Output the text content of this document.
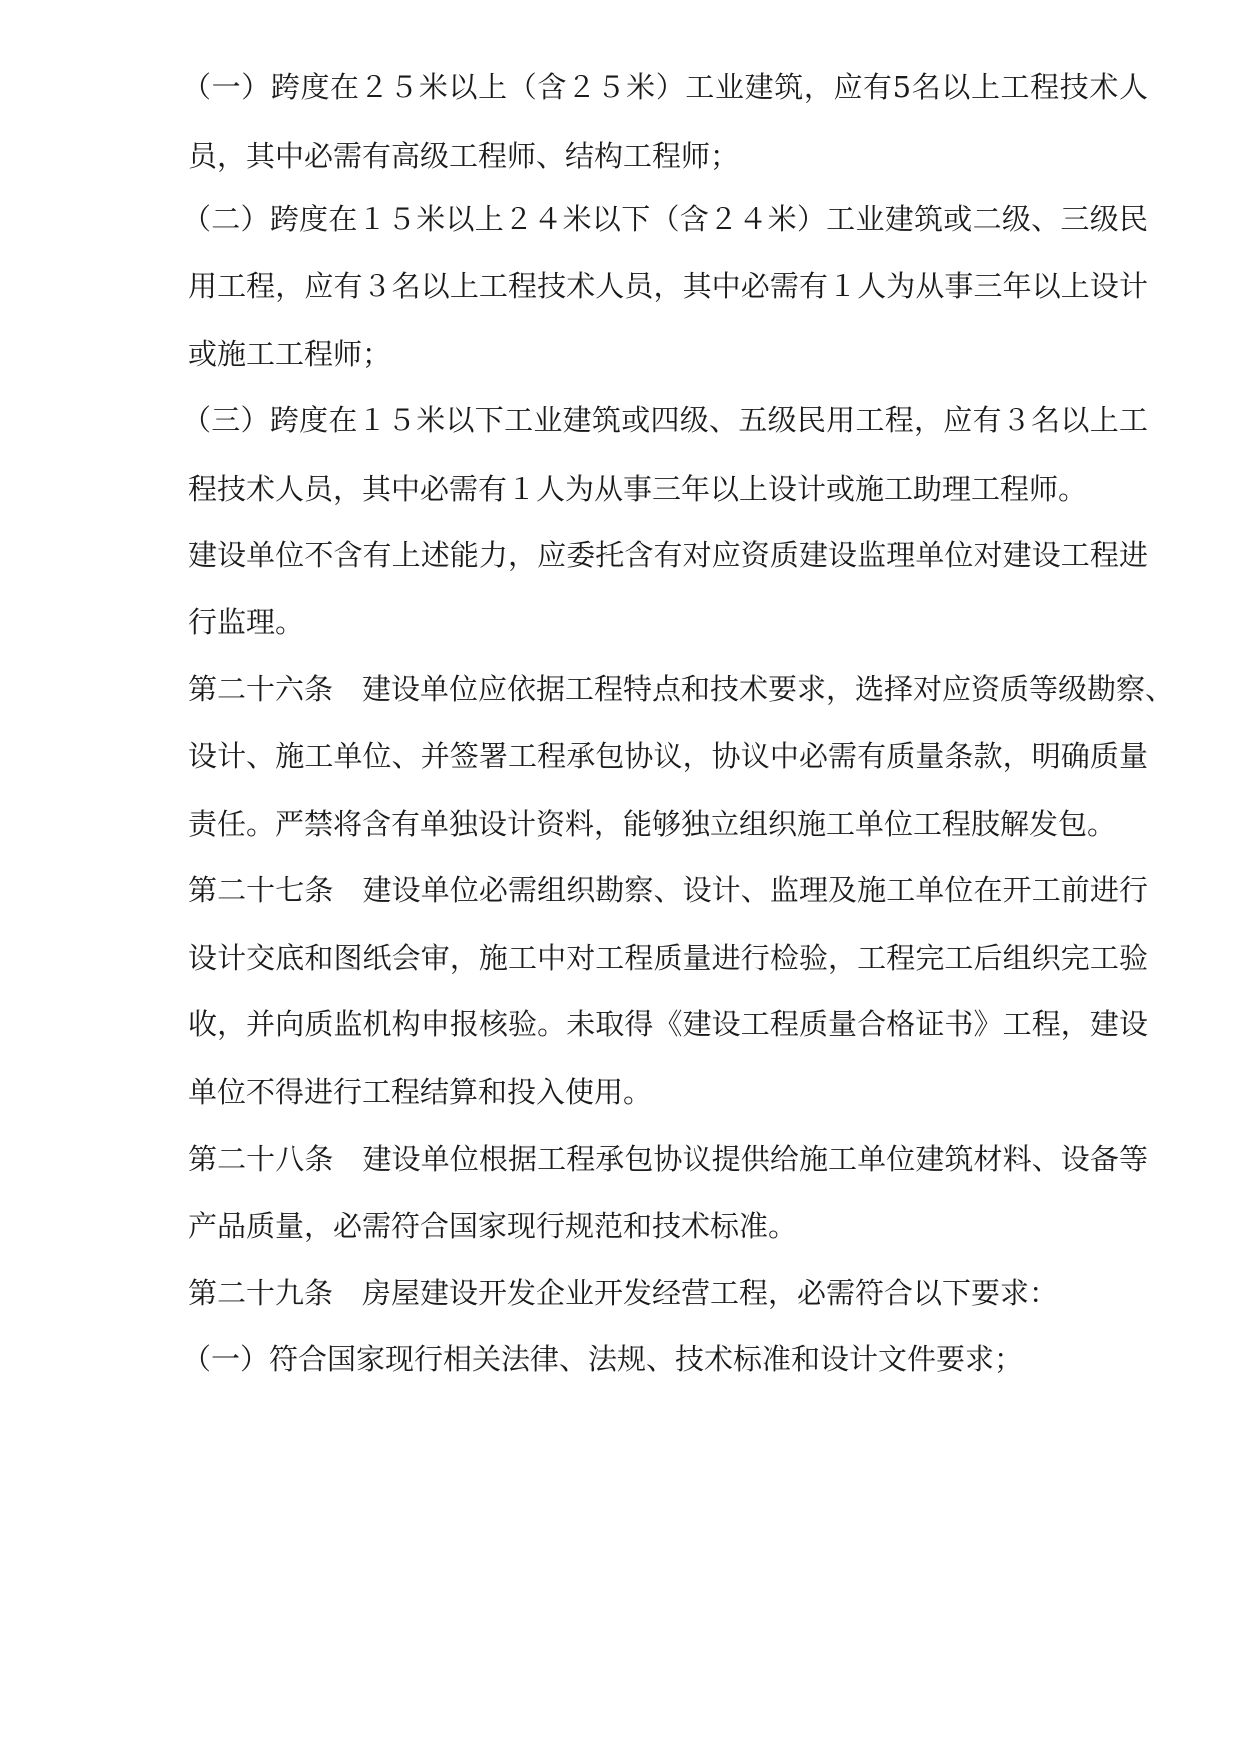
（一）跨度在２５米以上（含２５米）工业建筑，应有5名以上工程技术人
员，其中必需有高级工程师、结构工程师；
（二）跨度在１５米以上２４米以下（含２４米）工业建筑或二级、三级民
用工程，应有３名以上工程技术人员，其中必需有１人为从事三年以上设计
或施工工程师；
（三）跨度在１５米以下工业建筑或四级、五级民用工程，应有３名以上工
程技术人员，其中必需有１人为从事三年以上设计或施工助理工程师。
建设单位不含有上述能力，应委托含有对应资质建设监理单位对建设工程进
行监理。
第二十六条　建设单位应依据工程特点和技术要求，选择对应资质等级勘察、
设计、施工单位、并签署工程承包协议，协议中必需有质量条款，明确质量
责任。严禁将含有单独设计资料，能够独立组织施工单位工程肢解发包。
第二十七条　建设单位必需组织勘察、设计、监理及施工单位在开工前进行
设计交底和图纸会审，施工中对工程质量进行检验，工程完工后组织完工验
收，并向质监机构申报核验。未取得《建设工程质量合格证书》工程，建设
单位不得进行工程结算和投入使用。
第二十八条　建设单位根据工程承包协议提供给施工单位建筑材料、设备等
产品质量，必需符合国家现行规范和技术标准。
第二十九条　房屋建设开发企业开发经营工程，必需符合以下要求：
（一）符合国家现行相关法律、法规、技术标准和设计文件要求；
